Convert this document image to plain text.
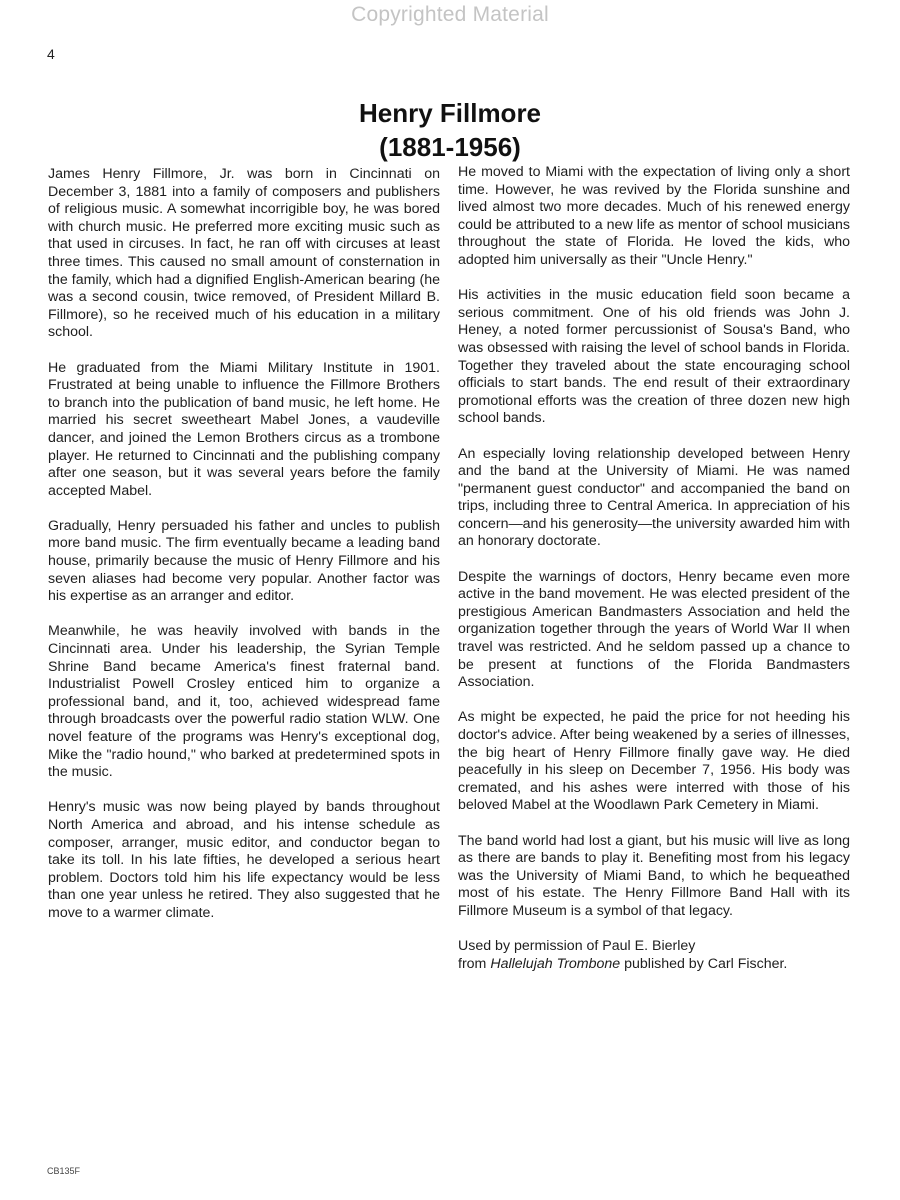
Copyrighted Material
4
Henry Fillmore
(1881-1956)

James Henry Fillmore, Jr. was born in Cincinnati on December 3, 1881 into a family of composers and publishers of religious music. A somewhat incorrigible boy, he was bored with church music. He preferred more exciting music such as that used in circuses. In fact, he ran off with circuses at least three times. This caused no small amount of consternation in the family, which had a dignified English-American bearing (he was a second cousin, twice removed, of President Millard B. Fillmore), so he received much of his education in a military school.

He graduated from the Miami Military Institute in 1901. Frustrated at being unable to influence the Fillmore Brothers to branch into the publication of band music, he left home. He married his secret sweetheart Mabel Jones, a vaudeville dancer, and joined the Lemon Brothers circus as a trombone player. He returned to Cincinnati and the publishing company after one season, but it was several years before the family accepted Mabel.

Gradually, Henry persuaded his father and uncles to publish more band music. The firm eventually became a leading band house, primarily because the music of Henry Fillmore and his seven aliases had become very popular. Another factor was his expertise as an arranger and editor.

Meanwhile, he was heavily involved with bands in the Cincinnati area. Under his leadership, the Syrian Temple Shrine Band became America's finest fraternal band. Industrialist Powell Crosley enticed him to organize a professional band, and it, too, achieved widespread fame through broadcasts over the powerful radio station WLW. One novel feature of the programs was Henry's exceptional dog, Mike the "radio hound," who barked at predetermined spots in the music.

Henry's music was now being played by bands throughout North America and abroad, and his intense schedule as composer, arranger, music editor, and conductor began to take its toll. In his late fifties, he developed a serious heart problem. Doctors told him his life expectancy would be less than one year unless he retired. They also suggested that he move to a warmer climate.

He moved to Miami with the expectation of living only a short time. However, he was revived by the Florida sunshine and lived almost two more decades. Much of his renewed energy could be attributed to a new life as mentor of school musicians throughout the state of Florida. He loved the kids, who adopted him universally as their "Uncle Henry."

His activities in the music education field soon became a serious commitment. One of his old friends was John J. Heney, a noted former percussionist of Sousa's Band, who was obsessed with raising the level of school bands in Florida. Together they traveled about the state encouraging school officials to start bands. The end result of their extraordinary promotional efforts was the creation of three dozen new high school bands.

An especially loving relationship developed between Henry and the band at the University of Miami. He was named "permanent guest conductor" and accompanied the band on trips, including three to Central America. In appreciation of his concern—and his generosity—the university awarded him with an honorary doctorate.

Despite the warnings of doctors, Henry became even more active in the band movement. He was elected president of the prestigious American Bandmasters Association and held the organization together through the years of World War II when travel was restricted. And he seldom passed up a chance to be present at functions of the Florida Bandmasters Association.

As might be expected, he paid the price for not heeding his doctor's advice. After being weakened by a series of illnesses, the big heart of Henry Fillmore finally gave way. He died peacefully in his sleep on December 7, 1956. His body was cremated, and his ashes were interred with those of his beloved Mabel at the Woodlawn Park Cemetery in Miami.

The band world had lost a giant, but his music will live as long as there are bands to play it. Benefiting most from his legacy was the University of Miami Band, to which he bequeathed most of his estate. The Henry Fillmore Band Hall with its Fillmore Museum is a symbol of that legacy.

Used by permission of Paul E. Bierley
from Hallelujah Trombone published by Carl Fischer.
CB135F
